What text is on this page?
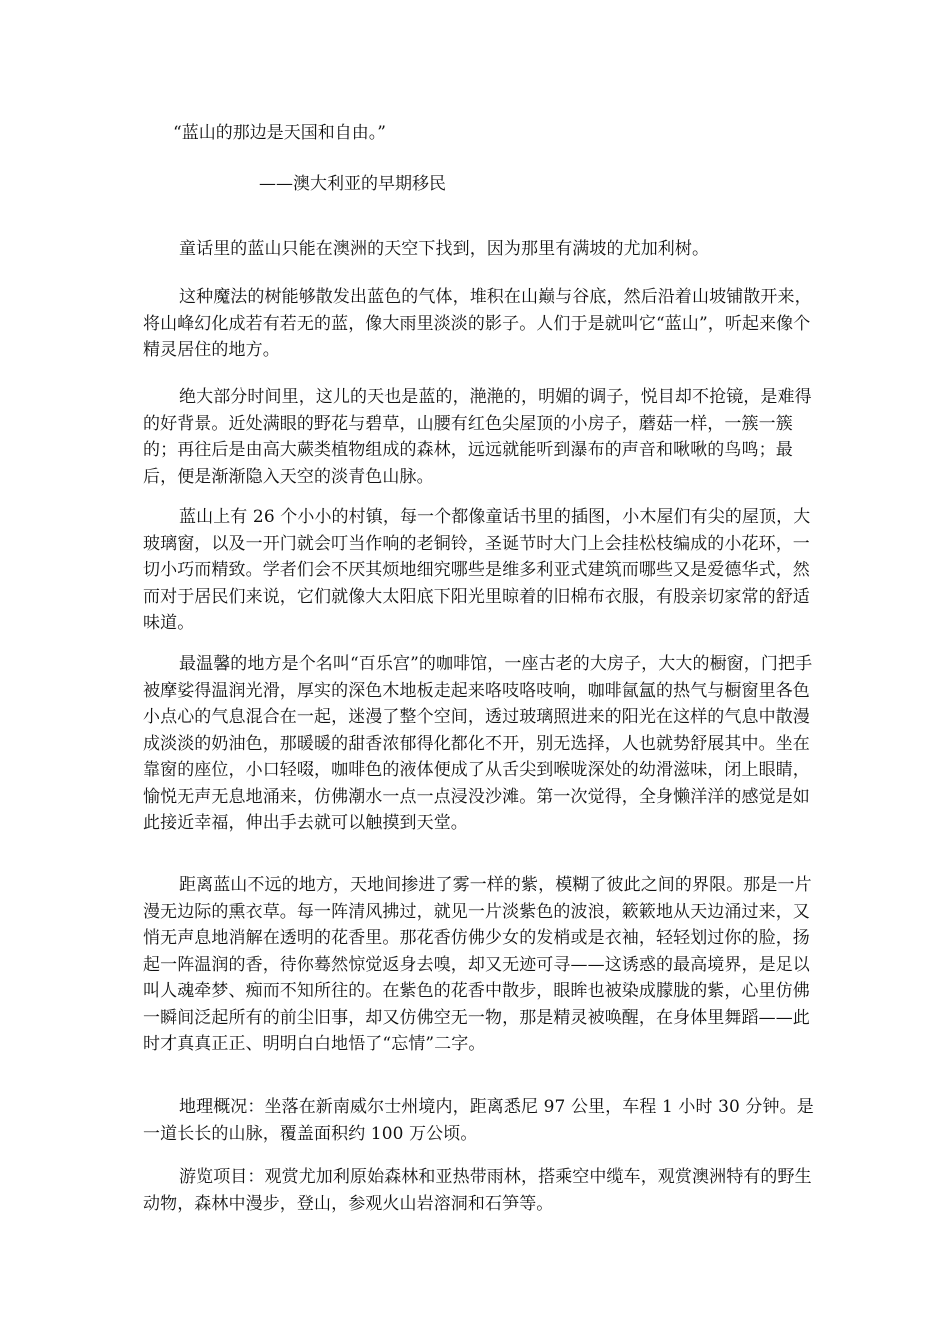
“蓝山的那边是天国和自由。”
——澳大利亚的早期移民

童话里的蓝山只能在澳洲的天空下找到，因为那里有满坡的尤加利树。

这种魔法的树能够散发出蓝色的气体，堆积在山巅与谷底，然后沿着山坡铺散开来，将山峰幻化成若有若无的蓝，像大雨里淡淡的影子。人们于是就叫它“蓝山”，听起来像个精灵居住的地方。

绝大部分时间里，这儿的天也是蓝的，滟滟的，明媚的调子，悦目却不抢镜，是难得的好背景。近处满眼的野花与碧草，山腰有红色尖屋顶的小房子，蘑菇一样，一簇一簇的；再往后是由高大蕨类植物组成的森林，远远就能听到瀑布的声音和啾啾的鸟鸣；最后，便是渐渐隐入天空的淡青色山脉。

蓝山上有 26 个小小的村镇，每一个都像童话书里的插图，小木屋们有尖的屋顶，大玻璃窗，以及一开门就会叮当作响的老铜铃，圣诞节时大门上会挂松枝编成的小花环，一切小巧而精致。学者们会不厌其烦地细究哪些是维多利亚式建筑而哪些又是爱德华式，然而对于居民们来说，它们就像大太阳底下阳光里晾着的旧棉布衣服，有股亲切家常的舒适味道。

最温馨的地方是个名叫“百乐宫”的咖啡馆，一座古老的大房子，大大的橱窗，门把手被摩娑得温润光滑，厚实的深色木地板走起来咯吱咯吱响，咖啡氤氲的热气与橱窗里各色小点心的气息混合在一起，迷漫了整个空间，透过玻璃照进来的阳光在这样的气息中散漫成淡淡的奶油色，那暖暖的甜香浓郁得化都化不开，别无选择，人也就势舒展其中。坐在靠窗的座位，小口轻啜，咖啡色的液体便成了从舌尖到喉咙深处的幼滑滋味，闭上眼睛，愉悦无声无息地涌来，仿佛潮水一点一点浸没沙滩。第一次觉得，全身懒洋洋的感觉是如此接近幸福，伸出手去就可以触摸到天堂。

距离蓝山不远的地方，天地间掺进了雾一样的紫，模糊了彼此之间的界限。那是一片漫无边际的熏衣草。每一阵清风拂过，就见一片淡紫色的波浪，簌簌地从天边涌过来，又悄无声息地消解在透明的花香里。那花香仿佛少女的发梢或是衣袖，轻轻划过你的脸，扬起一阵温润的香，待你蓦然惊觉返身去嗅，却又无迹可寻——这诱惑的最高境界，是足以叫人魂牵梦、痴而不知所往的。在紫色的花香中散步，眼眸也被染成朦胧的紫，心里仿佛一瞬间泛起所有的前尘旧事，却又仿佛空无一物，那是精灵被唤醒，在身体里舞蹈——此时才真真正正、明明白白地悟了“忘情”二字。

地理概况：坐落在新南威尔士州境内，距离悉尼 97 公里，车程 1 小时 30 分钟。是一道长长的山脉，覆盖面积约 100 万公顷。

游览项目：观赏尤加利原始森林和亚热带雨林，搭乘空中缆车，观赏澳洲特有的野生动物，森林中漫步，登山，参观火山岩溶洞和石笋等。
